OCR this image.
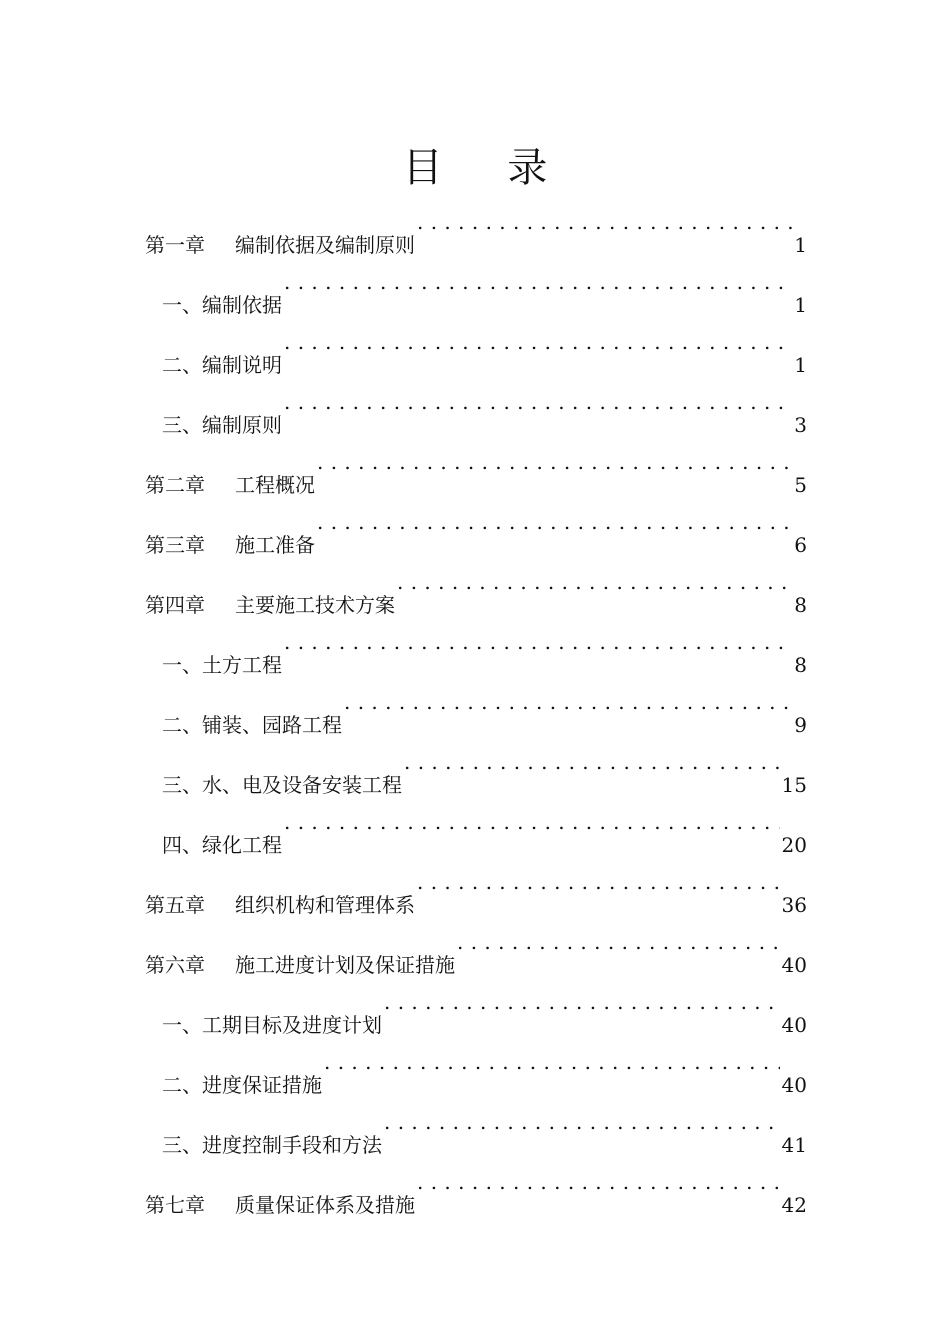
目 录
第一章	编制依据及编制原则 . . .	1
一、编制依据 . . .	1
二、编制说明 . . .	1
三、编制原则 . . .	3
第二章	工程概况 . . .	5
第三章	施工准备 . . .	6
第四章	主要施工技术方案 . . .	8
一、土方工程 . . .	8
二、铺装、园路工程 . . .	9
三、水、电及设备安装工程 . . .	15
四、绿化工程 . . .	20
第五章	组织机构和管理体系 . . .	36
第六章	施工进度计划及保证措施 . . .	40
一、工期目标及进度计划 . . .	40
二、进度保证措施 . . .	40
三、进度控制手段和方法 . . .	41
第七章	质量保证体系及措施 . . .	42
